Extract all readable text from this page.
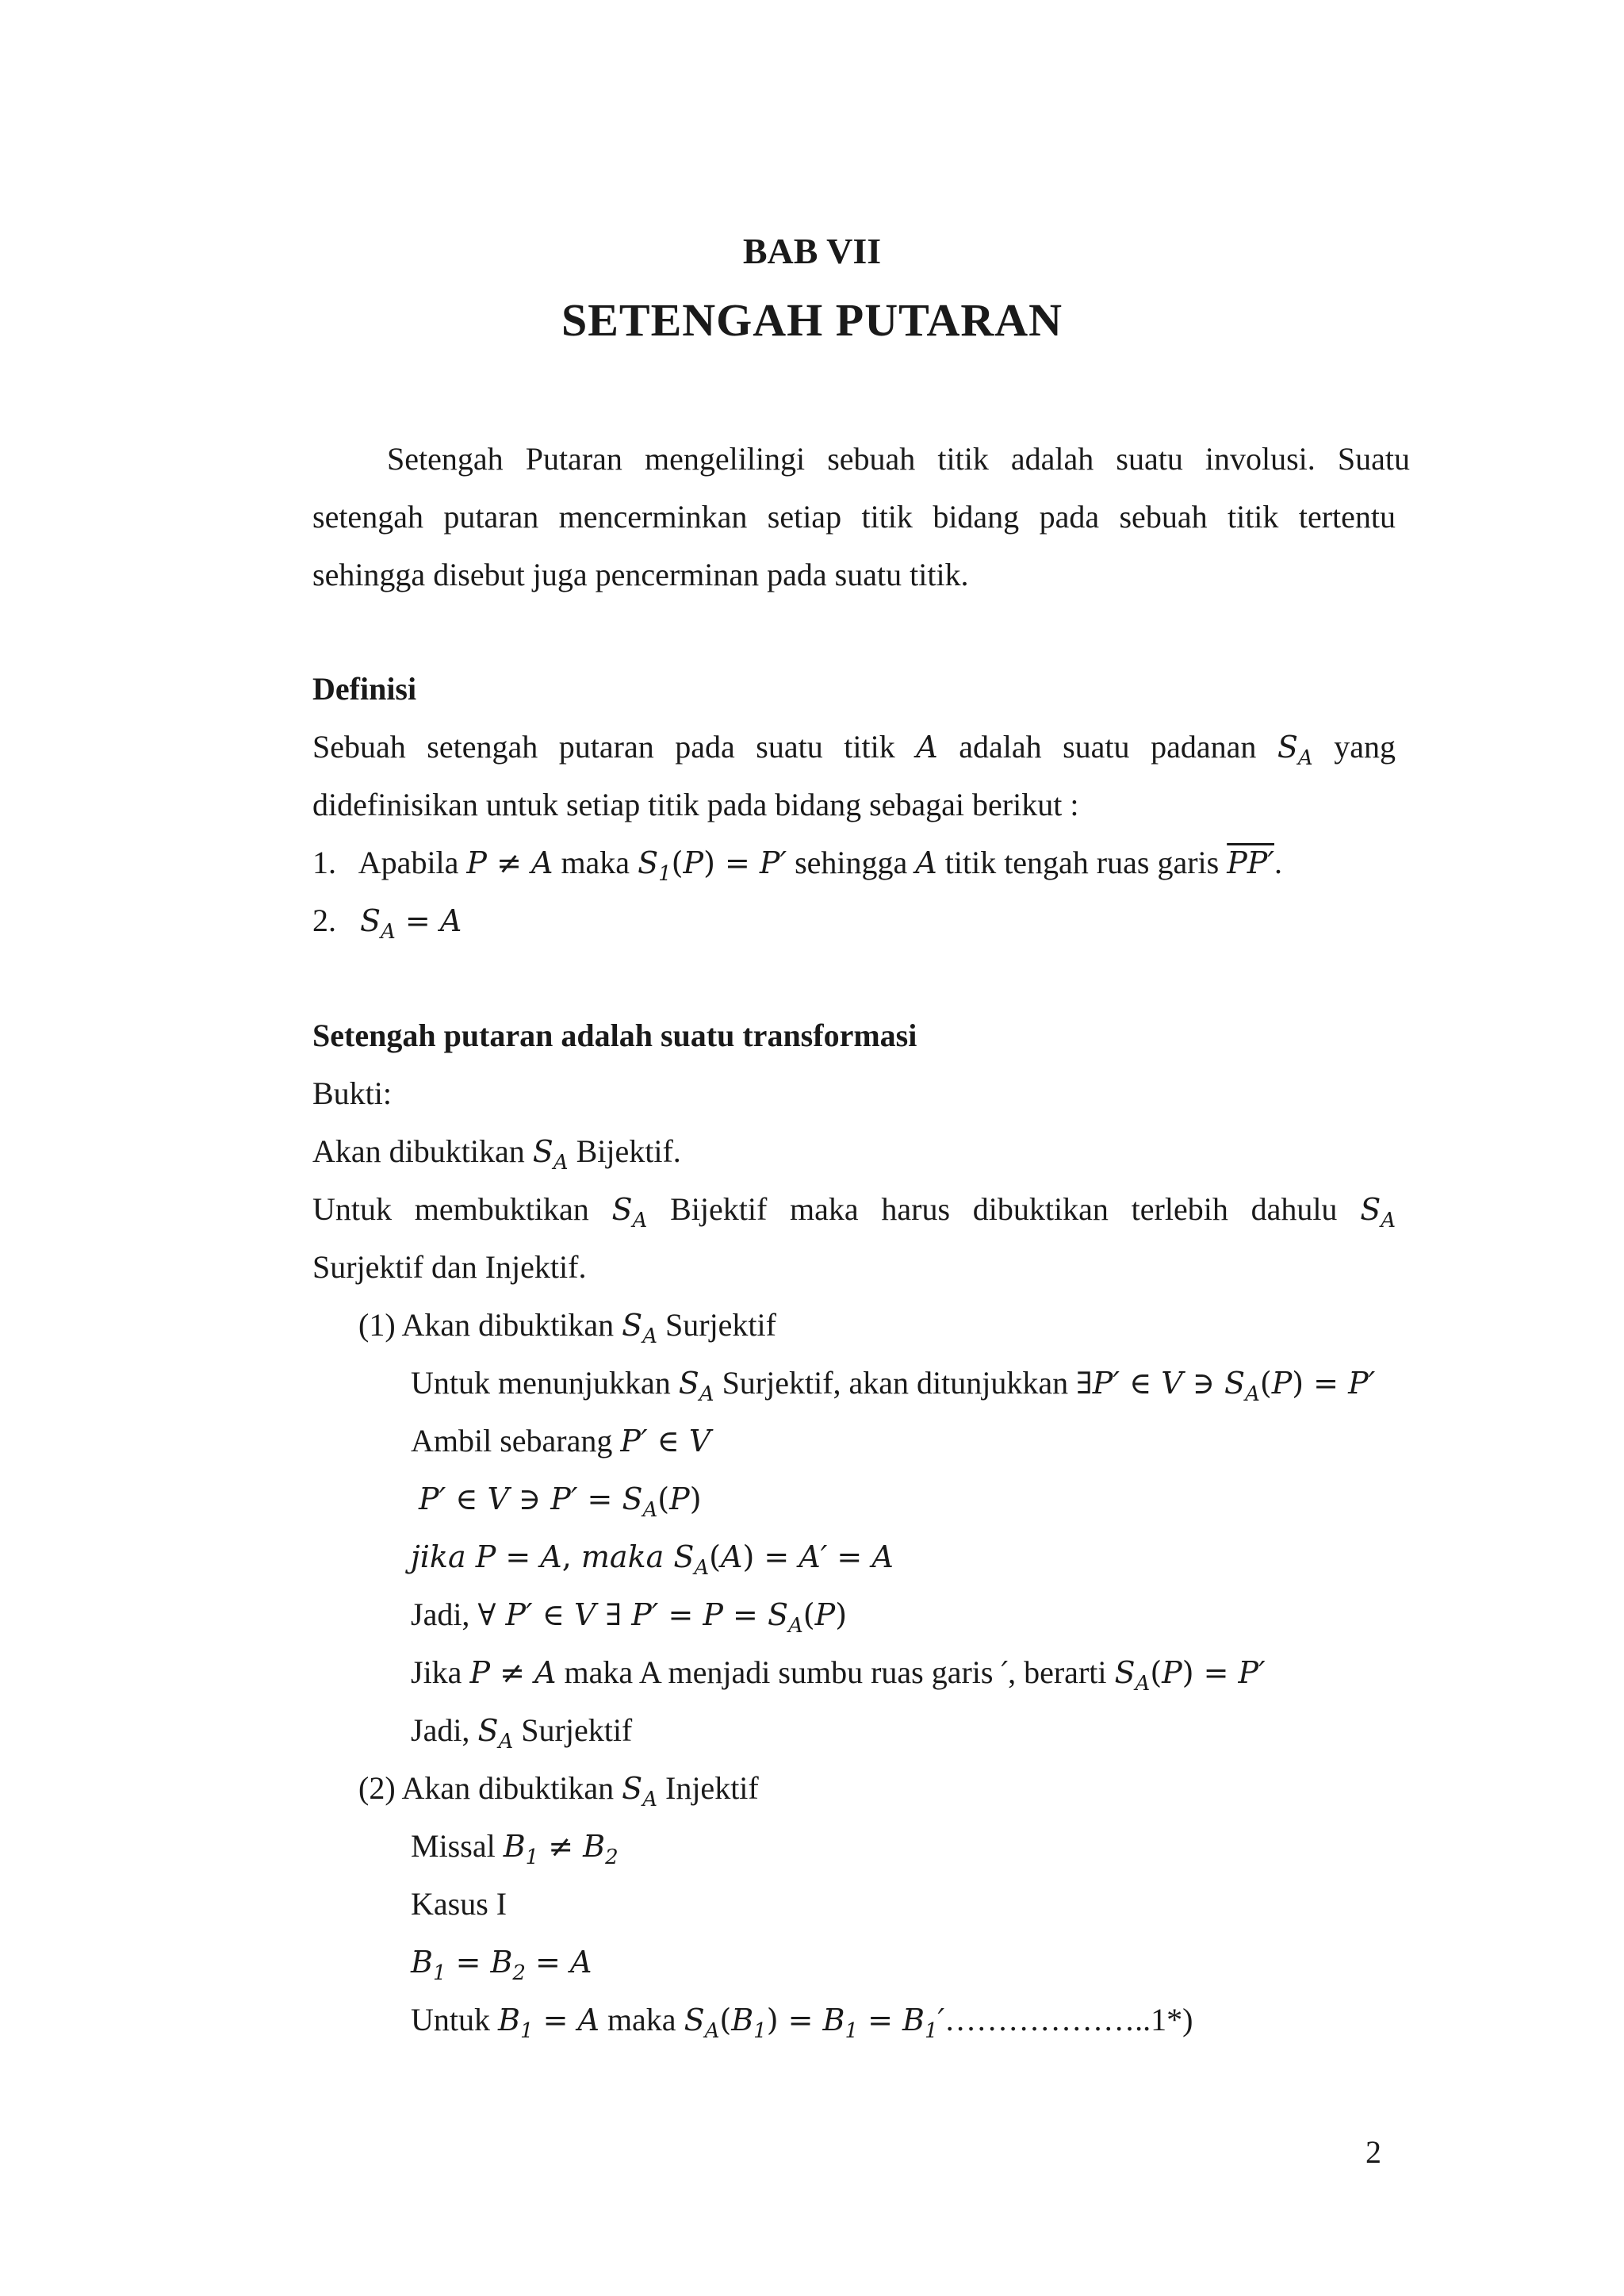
BAB VII
SETENGAH PUTARAN
Setengah Putaran mengelilingi sebuah titik adalah suatu involusi. Suatu
setengah putaran mencerminkan setiap titik bidang pada sebuah titik tertentu
sehingga disebut juga pencerminan pada suatu titik.
Definisi
Sebuah setengah putaran pada suatu titik A adalah suatu padanan $S_A$ yang
didefinisikan untuk setiap titik pada bidang sebagai berikut :
1. Apabila P ≠ A maka $S_1(P) = P'$ sehingga A titik tengah ruas garis PP′.
2. $S_A = A$
Setengah putaran adalah suatu transformasi
Bukti:
Akan dibuktikan $S_A$ Bijektif.
Untuk membuktikan $S_A$ Bijektif maka harus dibuktikan terlebih dahulu $S_A$
Surjektif dan Injektif.
(1) Akan dibuktikan $S_A$ Surjektif
Untuk menunjukkan $S_A$ Surjektif, akan ditunjukkan ∃P′ ∈ V ∋ $S_A(P) = P'$
Ambil sebarang P′ ∈ V
P′ ∈ V ∋ $P' = S_A(P)$
jika P = A, maka $S_A(A) = A' = A$
Jadi, ∀ P′ ∈ V ∃ $P' = P = S_A(P)$
Jika P ≠ A maka A menjadi sumbu ruas garis ′, berarti $S_A(P) = P'$
Jadi, $S_A$ Surjektif
(2) Akan dibuktikan $S_A$ Injektif
Missal $B_1 \ne B_2$
Kasus I
$B_1 = B_2 = A$
Untuk $B_1 = A$ maka $S_A(B_1) = B_1$ = $B_1'\dots\dots\dots\dots\dots\dots..1*$)
2
